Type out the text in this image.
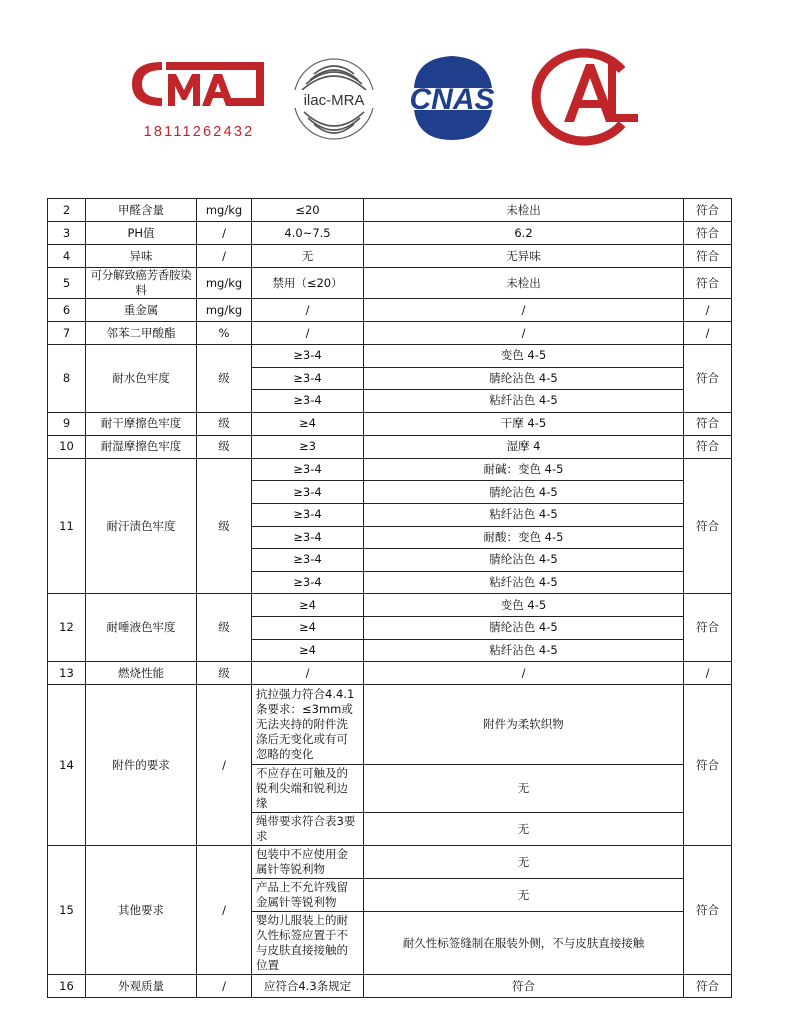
18111262432
ilac-MRA CNAS
CAL
2	甲醛含量	mg/kg	≤20	未检出	符合
3	PH值	/	4.0~7.5	6.2	符合
4	异味	/	无	无异味	符合
5	可分解致癌芳香胺染料	mg/kg	禁用（≤20）	未检出	符合
6	重金属	mg/kg	/	/	/
7	邻苯二甲酸酯	%	/	/	/
8	耐水色牢度	级	≥3-4	变色 4-5	符合
			≥3-4	腈纶沾色 4-5	
			≥3-4	粘纤沾色 4-5	
9	耐干摩擦色牢度	级	≥4	干摩 4-5	符合
10	耐湿摩擦色牢度	级	≥3	湿摩 4	符合
11	耐汗渍色牢度	级	≥3-4	耐碱：变色 4-5	符合
			≥3-4	腈纶沾色 4-5	
			≥3-4	粘纤沾色 4-5	
			≥3-4	耐酸：变色 4-5	
			≥3-4	腈纶沾色 4-5	
			≥3-4	粘纤沾色 4-5	
12	耐唾液色牢度	级	≥4	变色 4-5	符合
			≥4	腈纶沾色 4-5	
			≥4	粘纤沾色 4-5	
13	燃烧性能	级	/	/	/
14	附件的要求	/	抗拉强力符合4.4.1条要求：≤3mm或无法夹持的附件洗涤后无变化或有可忽略的变化	附件为柔软织物	符合
			不应存在可触及的锐利尖端和锐利边缘	无	
			绳带要求符合表3要求	无	
15	其他要求	/	包装中不应使用金属针等锐利物	无	符合
			产品上不允许残留金属针等锐利物	无	
			婴幼儿服装上的耐久性标签应置于不与皮肤直接接触的位置	耐久性标签缝制在服装外侧，不与皮肤直接接触	
16	外观质量	/	应符合4.3条规定	符合	符合
